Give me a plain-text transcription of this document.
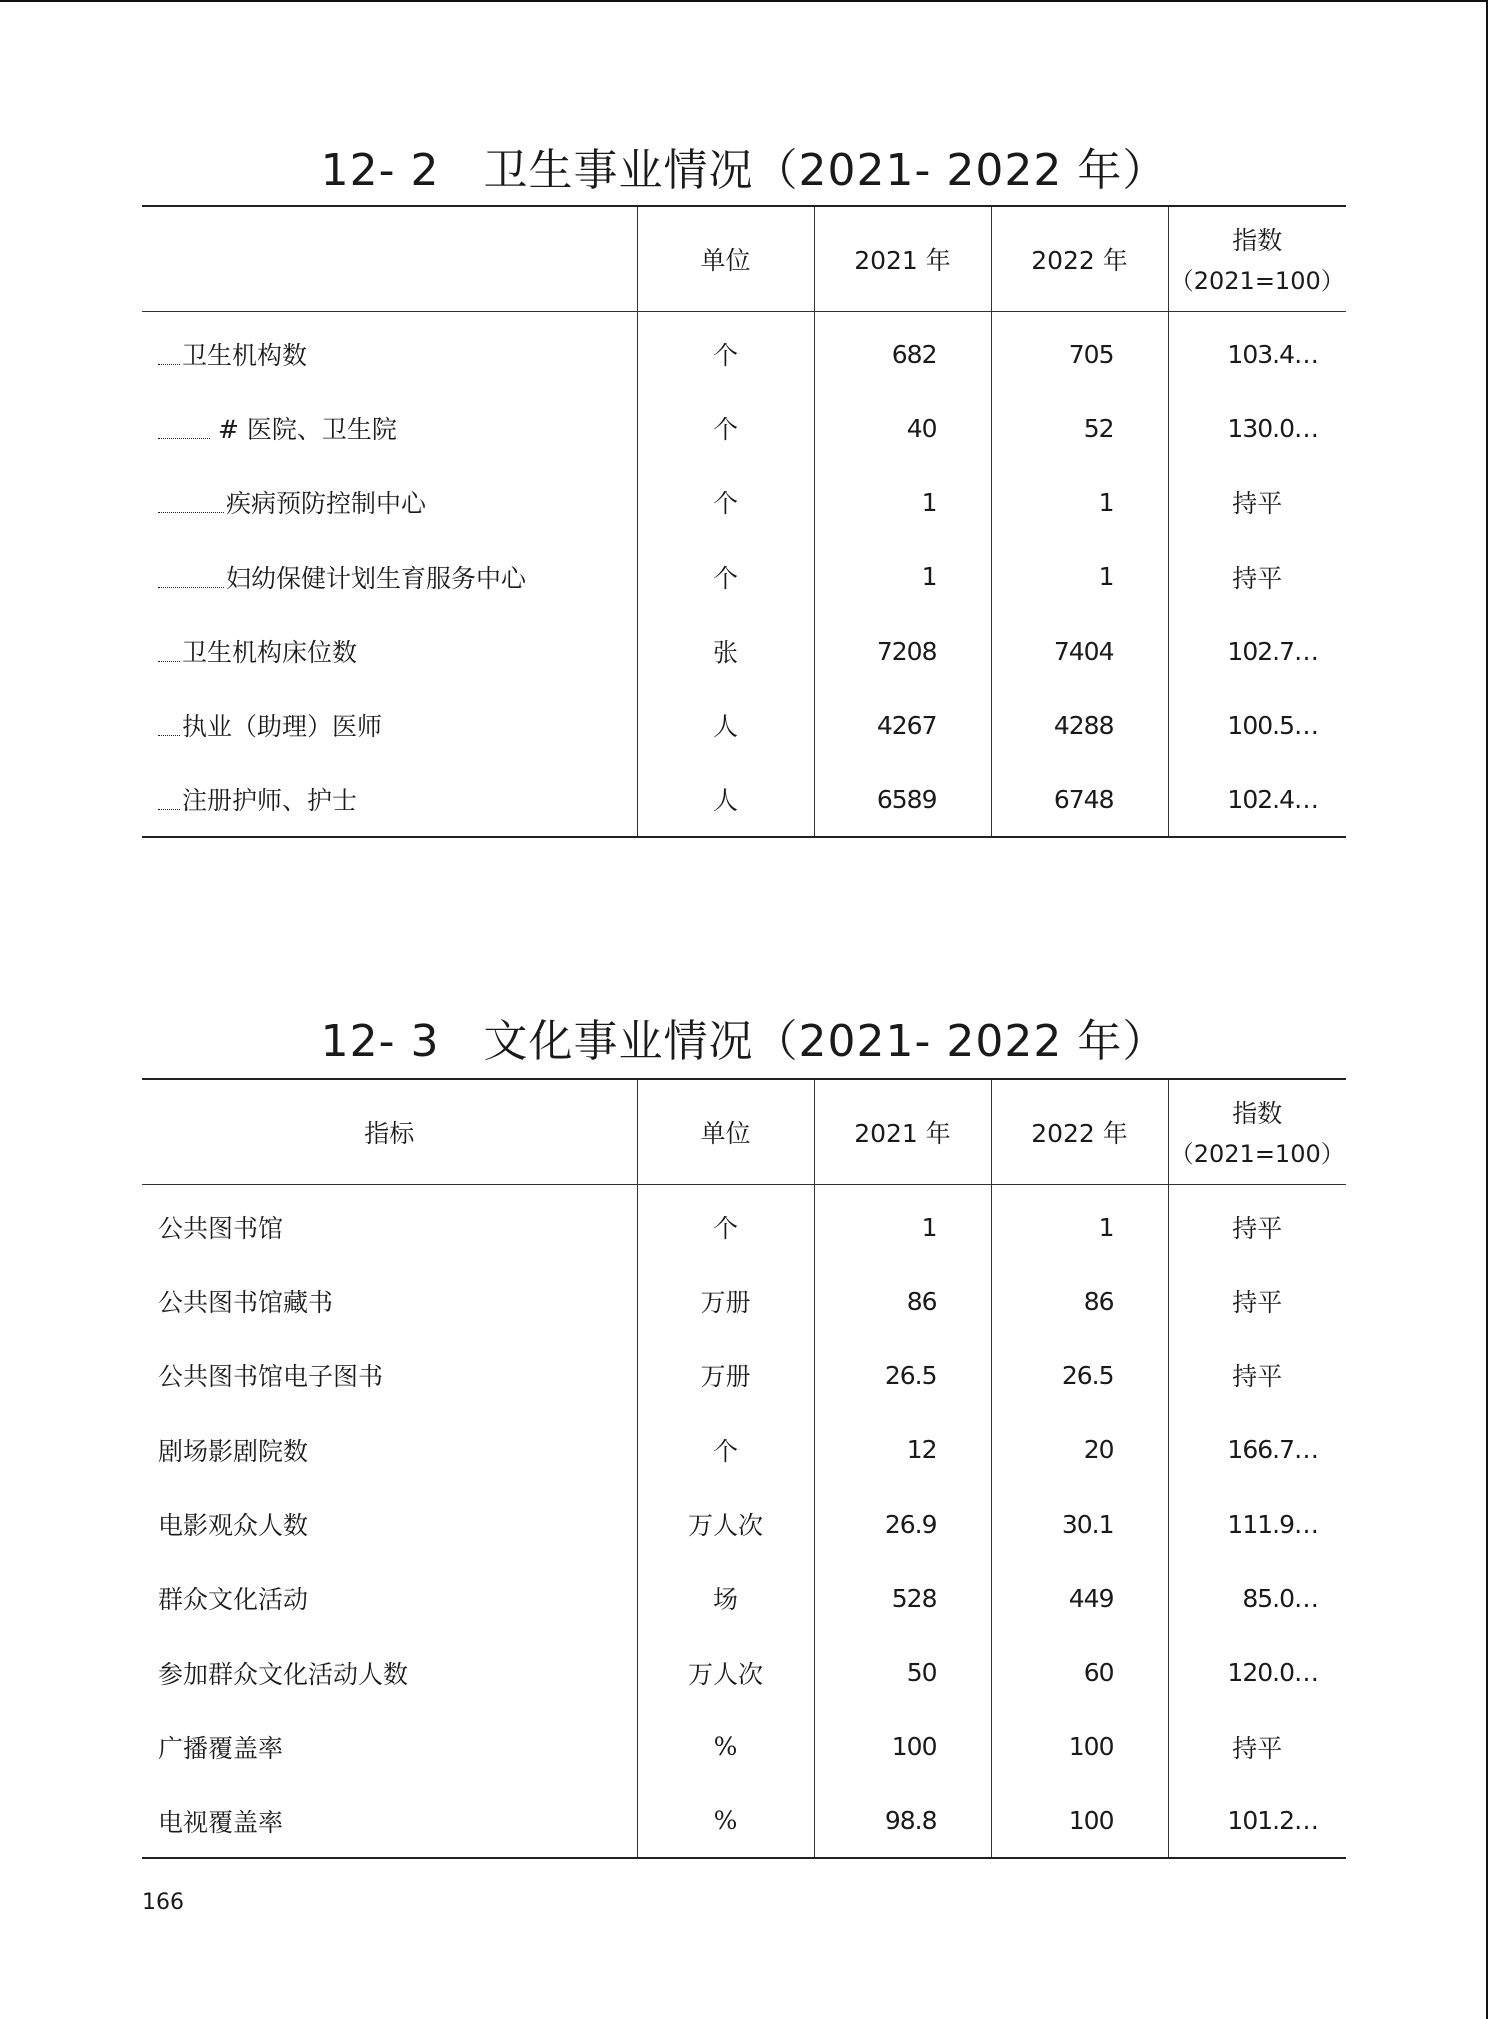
12- 2 卫生事业情况（2021- 2022 年）
	单位	2021 年	2022 年	指数
（2021=100）

卫生机构数	个	682	705	103.4…
# 医院、卫生院	个	40	52	130.0…
疾病预防控制中心	个	1	1	持平
妇幼保健计划生育服务中心	个	1	1	持平
卫生机构床位数	张	7208	7404	102.7…
执业（助理）医师	人	4267	4288	100.5…
注册护师、护士	人	6589	6748	102.4…
12- 3 文化事业情况（2021- 2022 年）
指标	单位	2021 年	2022 年	指数
（2021=100）

公共图书馆	个	1	1	持平
公共图书馆藏书	万册	86	86	持平
公共图书馆电子图书	万册	26.5	26.5	持平
剧场影剧院数	个	12	20	166.7…
电影观众人数	万人次	26.9	30.1	111.9…
群众文化活动	场	528	449	85.0…
参加群众文化活动人数	万人次	50	60	120.0…
广播覆盖率	%	100	100	持平
电视覆盖率	%	98.8	100	101.2…
166
